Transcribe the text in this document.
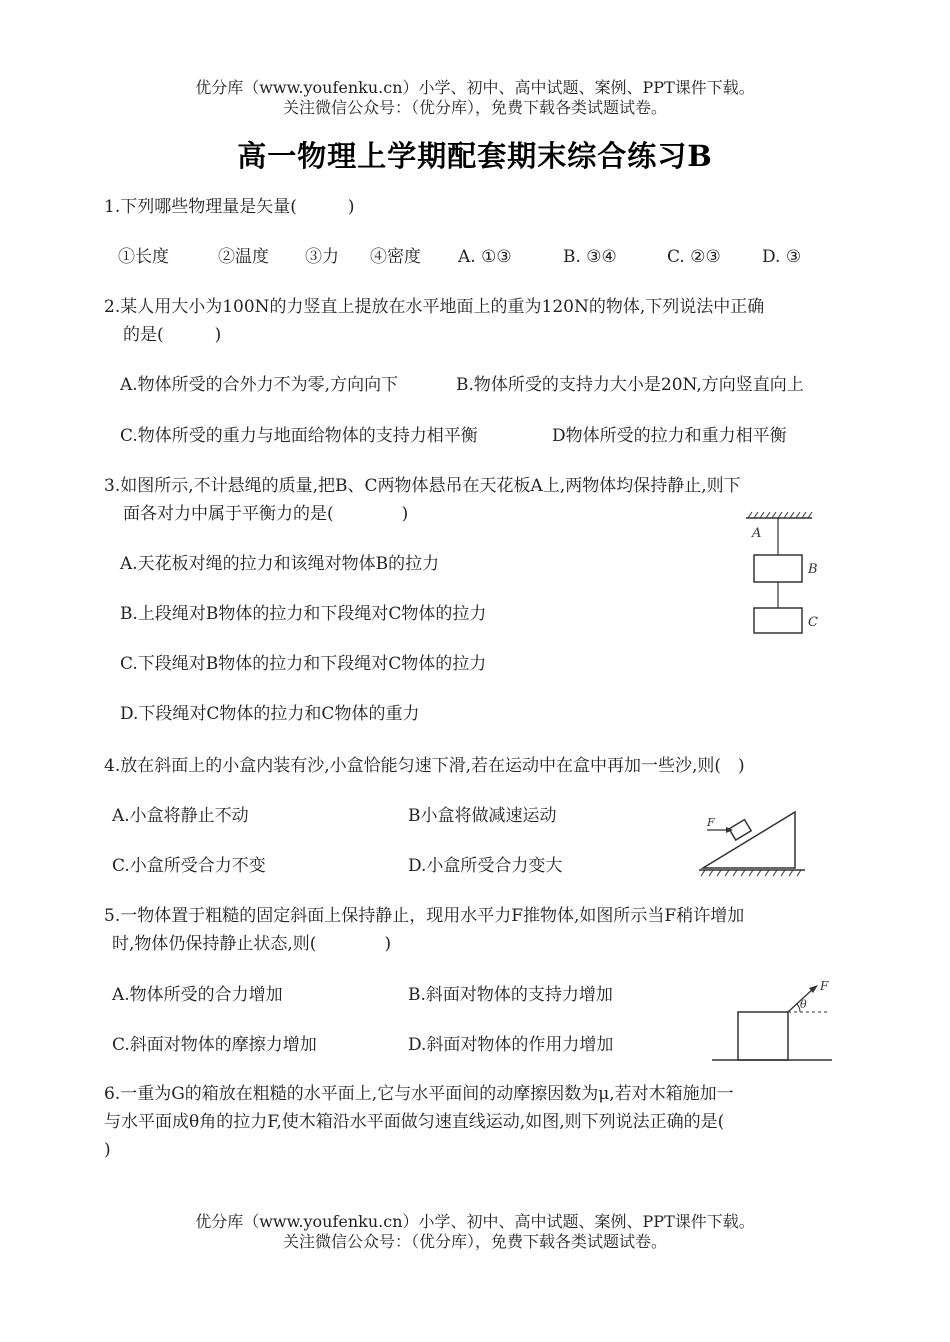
优分库（www.youfenku.cn）小学、初中、高中试题、案例、PPT课件下载。
关注微信公众号：（优分库），免费下载各类试题试卷。
高一物理上学期配套期末综合练习B
1.下列哪些物理量是矢量(　　　)
①长度	②温度 ③力 ④密度 A. ①③	B. ③④	C. ②③ D. ③
2.某人用大小为100N的力竖直上提放在水平地面上的重为120N的物体,下列说法中正确
的是(　　　)
A.物体所受的合外力不为零,方向向下	B.物体所受的支持力大小是20N,方向竖直向上
C.物体所受的重力与地面给物体的支持力相平衡	D物体所受的拉力和重力相平衡
3.如图所示,不计悬绳的质量,把B、C两物体悬吊在天花板A上,两物体均保持静止,则下
面各对力中属于平衡力的是(　　　　)
A.天花板对绳的拉力和该绳对物体B的拉力
B.上段绳对B物体的拉力和下段绳对C物体的拉力
C.下段绳对B物体的拉力和下段绳对C物体的拉力
D.下段绳对C物体的拉力和C物体的重力
A
B
C
4.放在斜面上的小盒内装有沙,小盒恰能匀速下滑,若在运动中在盒中再加一些沙,则(　)
A.小盒将静止不动	B小盒将做减速运动
C.小盒所受合力不变	D.小盒所受合力变大
F
5.一物体置于粗糙的固定斜面上保持静止，现用水平力F推物体,如图所示当F稍许增加
时,物体仍保持静止状态,则(　　　　)
A.物体所受的合力增加	B.斜面对物体的支持力增加
C.斜面对物体的摩擦力增加	D.斜面对物体的作用力增加
F
θ
6.一重为G的箱放在粗糙的水平面上,它与水平面间的动摩擦因数为μ,若对木箱施加一
与水平面成θ角的拉力F,使木箱沿水平面做匀速直线运动,如图,则下列说法正确的是(
)
优分库（www.youfenku.cn）小学、初中、高中试题、案例、PPT课件下载。
关注微信公众号：（优分库），免费下载各类试题试卷。
